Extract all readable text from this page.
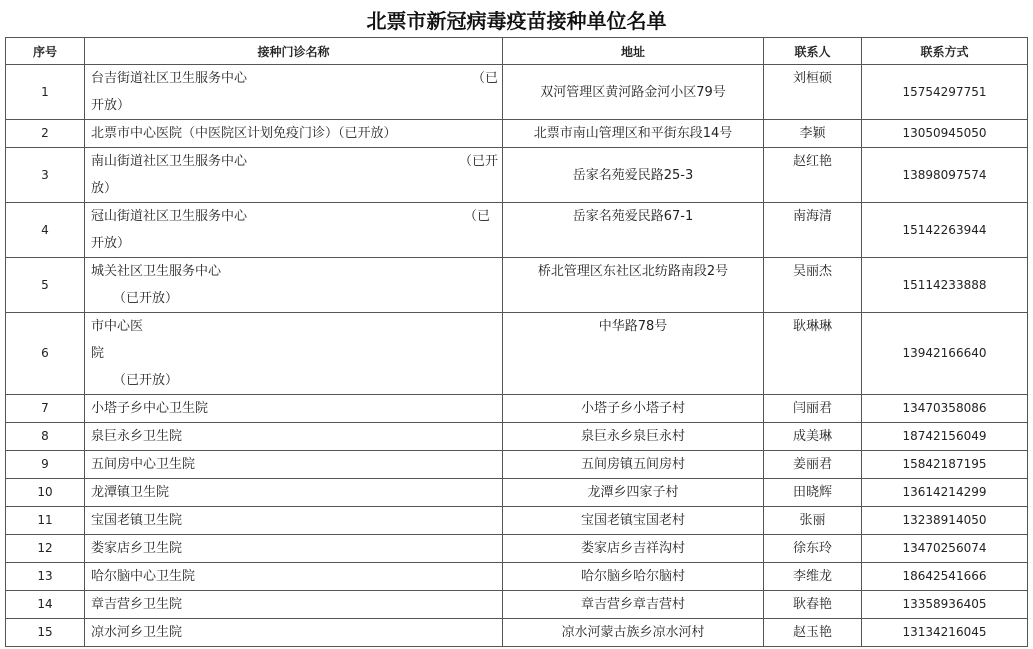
北票市新冠病毒疫苗接种单位名单
序号	接种门诊名称	地址	联系人	联系方式
1	台吉街道社区卫生服务中心 （已
开放）	双河管理区黄河路金河小区79号	刘桓硕	15754297751
2	北票市中心医院（中医院区计划免疫门诊）（已开放）	北票市南山管理区和平街东段14号	李颖	13050945050
3	南山街道社区卫生服务中心 （已开
放）	岳家名苑爱民路25-3	赵红艳	13898097574
4	冠山街道社区卫生服务中心 （已
开放）	岳家名苑爱民路67-1	南海清	15142263944
5	城关社区卫生服务中心
（已开放）	桥北管理区东社区北纺路南段2号	吴丽杰	15114233888
6	市中心医
院
（已开放）	中华路78号	耿琳琳	13942166640
7	小塔子乡中心卫生院	小塔子乡小塔子村	闫丽君	13470358086
8	泉巨永乡卫生院	泉巨永乡泉巨永村	成美琳	18742156049
9	五间房中心卫生院	五间房镇五间房村	姜丽君	15842187195
10	龙潭镇卫生院	龙潭乡四家子村	田晓辉	13614214299
11	宝国老镇卫生院	宝国老镇宝国老村	张丽	13238914050
12	娄家店乡卫生院	娄家店乡吉祥沟村	徐东玲	13470256074
13	哈尔脑中心卫生院	哈尔脑乡哈尔脑村	李维龙	18642541666
14	章吉营乡卫生院	章吉营乡章吉营村	耿春艳	13358936405
15	凉水河乡卫生院	凉水河蒙古族乡凉水河村	赵玉艳	13134216045
